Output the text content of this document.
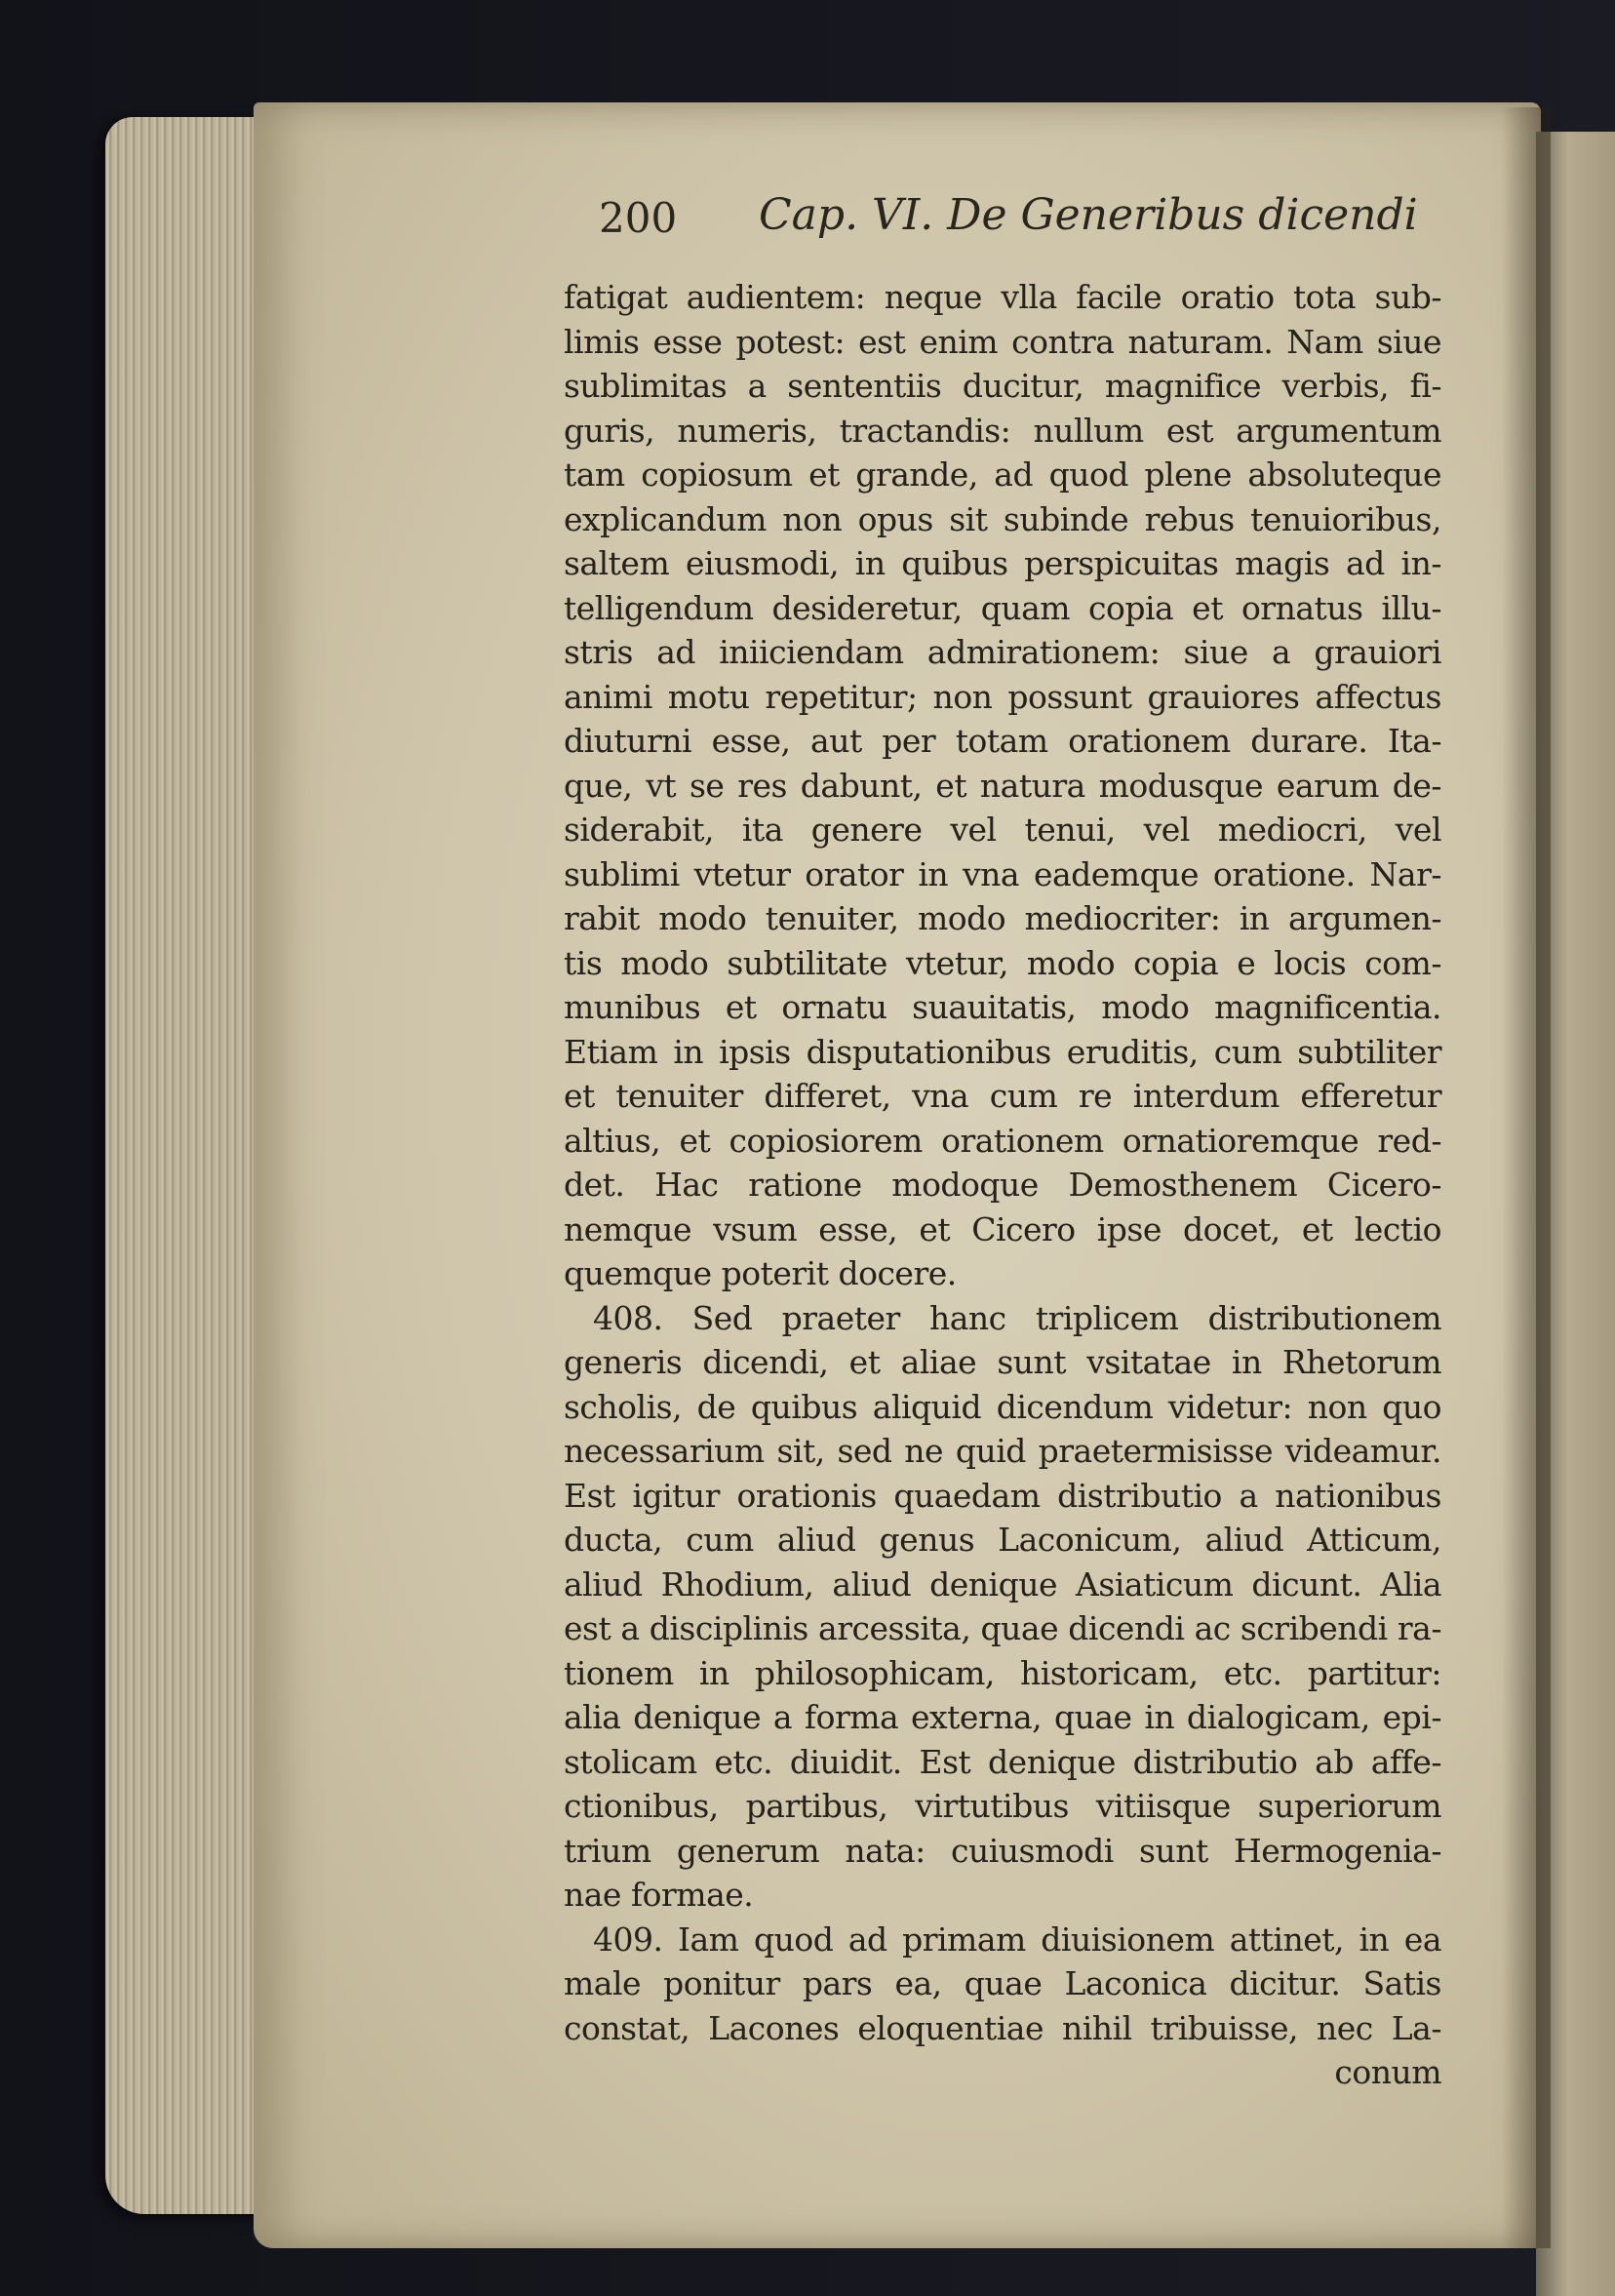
200 Cap. VI. De Generibus dicendi
fatigat audientem: neque vlla facile oratio tota sub-
limis esse potest: est enim contra naturam. Nam siue
sublimitas a sententiis ducitur, magnifice verbis, fi-
guris, numeris, tractandis: nullum est argumentum
tam copiosum et grande, ad quod plene absoluteque
explicandum non opus sit subinde rebus tenuioribus,
saltem eiusmodi, in quibus perspicuitas magis ad in-
telligendum desideretur, quam copia et ornatus illu-
stris ad iniiciendam admirationem: siue a grauiori
animi motu repetitur; non possunt grauiores affectus
diuturni esse, aut per totam orationem durare. Ita-
que, vt se res dabunt, et natura modusque earum de-
siderabit, ita genere vel tenui, vel mediocri, vel
sublimi vtetur orator in vna eademque oratione. Nar-
rabit modo tenuiter, modo mediocriter: in argumen-
tis modo subtilitate vtetur, modo copia e locis com-
munibus et ornatu suauitatis, modo magnificentia.
Etiam in ipsis disputationibus eruditis, cum subtiliter
et tenuiter differet, vna cum re interdum efferetur
altius, et copiosiorem orationem ornatioremque red-
det. Hac ratione modoque Demosthenem Cicero-
nemque vsum esse, et Cicero ipse docet, et lectio
quemque poterit docere.
408. Sed praeter hanc triplicem distributionem
generis dicendi, et aliae sunt vsitatae in Rhetorum
scholis, de quibus aliquid dicendum videtur: non quo
necessarium sit, sed ne quid praetermisisse videamur.
Est igitur orationis quaedam distributio a nationibus
ducta, cum aliud genus Laconicum, aliud Atticum,
aliud Rhodium, aliud denique Asiaticum dicunt. Alia
est a disciplinis arcessita, quae dicendi ac scribendi ra-
tionem in philosophicam, historicam, etc. partitur:
alia denique a forma externa, quae in dialogicam, epi-
stolicam etc. diuidit. Est denique distributio ab affe-
ctionibus, partibus, virtutibus vitiisque superiorum
trium generum nata: cuiusmodi sunt Hermogenia-
nae formae.
409. Iam quod ad primam diuisionem attinet, in ea
male ponitur pars ea, quae Laconica dicitur. Satis
constat, Lacones eloquentiae nihil tribuisse, nec La-
conum
